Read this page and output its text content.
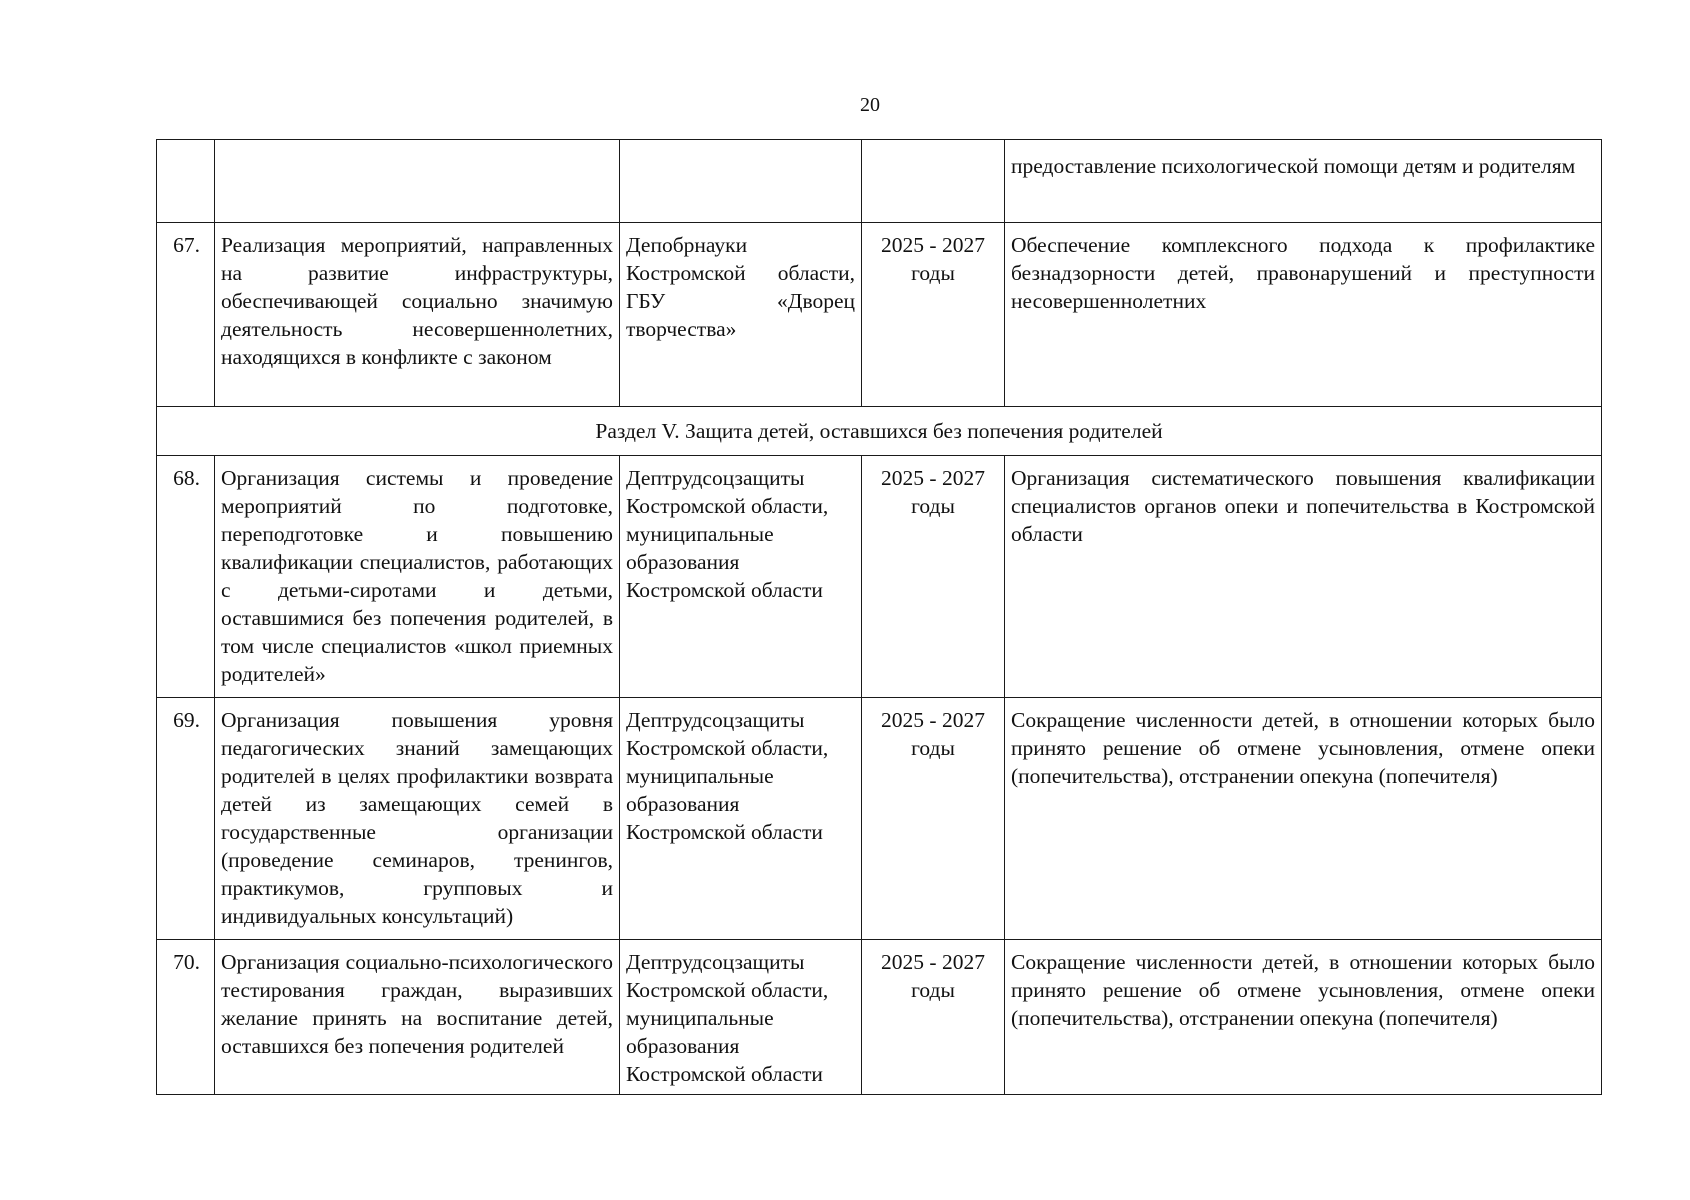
20
				предоставление психологической помощи детям и родителям
67.	Реализация мероприятий, направленных на развитие инфраструктуры, обеспечивающей социально значимую деятельность несовершеннолетних, находящихся в конфликте с законом	Депобрнауки Костромской области, ГБУ «Дворец творчества»	2025 - 2027 годы	Обеспечение комплексного подхода к профилактике безнадзорности детей, правонарушений и преступности несовершеннолетних
Раздел V. Защита детей, оставшихся без попечения родителей				
68.	Организация системы и проведение мероприятий по подготовке, переподготовке и повышению квалификации специалистов, работающих с детьми-сиротами и детьми, оставшимися без попечения родителей, в том числе специалистов «школ приемных родителей»	Дептрудсоцзащиты Костромской области, муниципальные образования Костромской области	2025 - 2027 годы	Организация систематического повышения квалификации специалистов органов опеки и попечительства в Костромской области
69.	Организация повышения уровня педагогических знаний замещающих родителей в целях профилактики возврата детей из замещающих семей в государственные организации (проведение семинаров, тренингов, практикумов, групповых и индивидуальных консультаций)	Дептрудсоцзащиты Костромской области, муниципальные образования Костромской области	2025 - 2027 годы	Сокращение численности детей, в отношении которых было принято решение об отмене усыновления, отмене опеки (попечительства), отстранении опекуна (попечителя)
70.	Организация социально-психологического тестирования граждан, выразивших желание принять на воспитание детей, оставшихся без попечения родителей	Дептрудсоцзащиты Костромской области, муниципальные образования Костромской области	2025 - 2027 годы	Сокращение численности детей, в отношении которых было принято решение об отмене усыновления, отмене опеки (попечительства), отстранении опекуна (попечителя)
